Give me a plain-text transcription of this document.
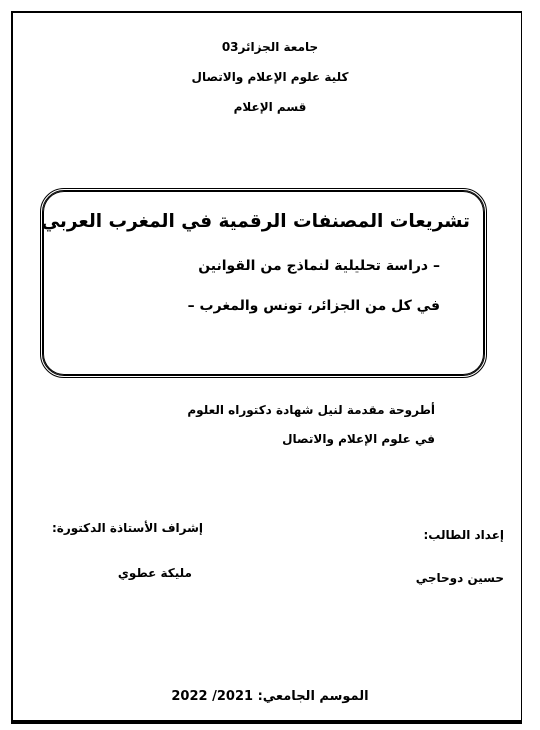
جامعة الجزائر03
كلية علوم الإعلام والاتصال
قسم الإعلام
تشريعات المصنفات الرقمية في المغرب العربي
– دراسة تحليلية لنماذج من القوانين
في كل من الجزائر، تونس والمغرب –
أطروحة مقدمة لنيل شهادة دكتوراه العلوم
في علوم الإعلام والاتصال
إعداد الطالب:
إشراف الأستاذة الدكتورة:
حسين دوحاجي
مليكة عطوي
الموسم الجامعي: 2021/ 2022
